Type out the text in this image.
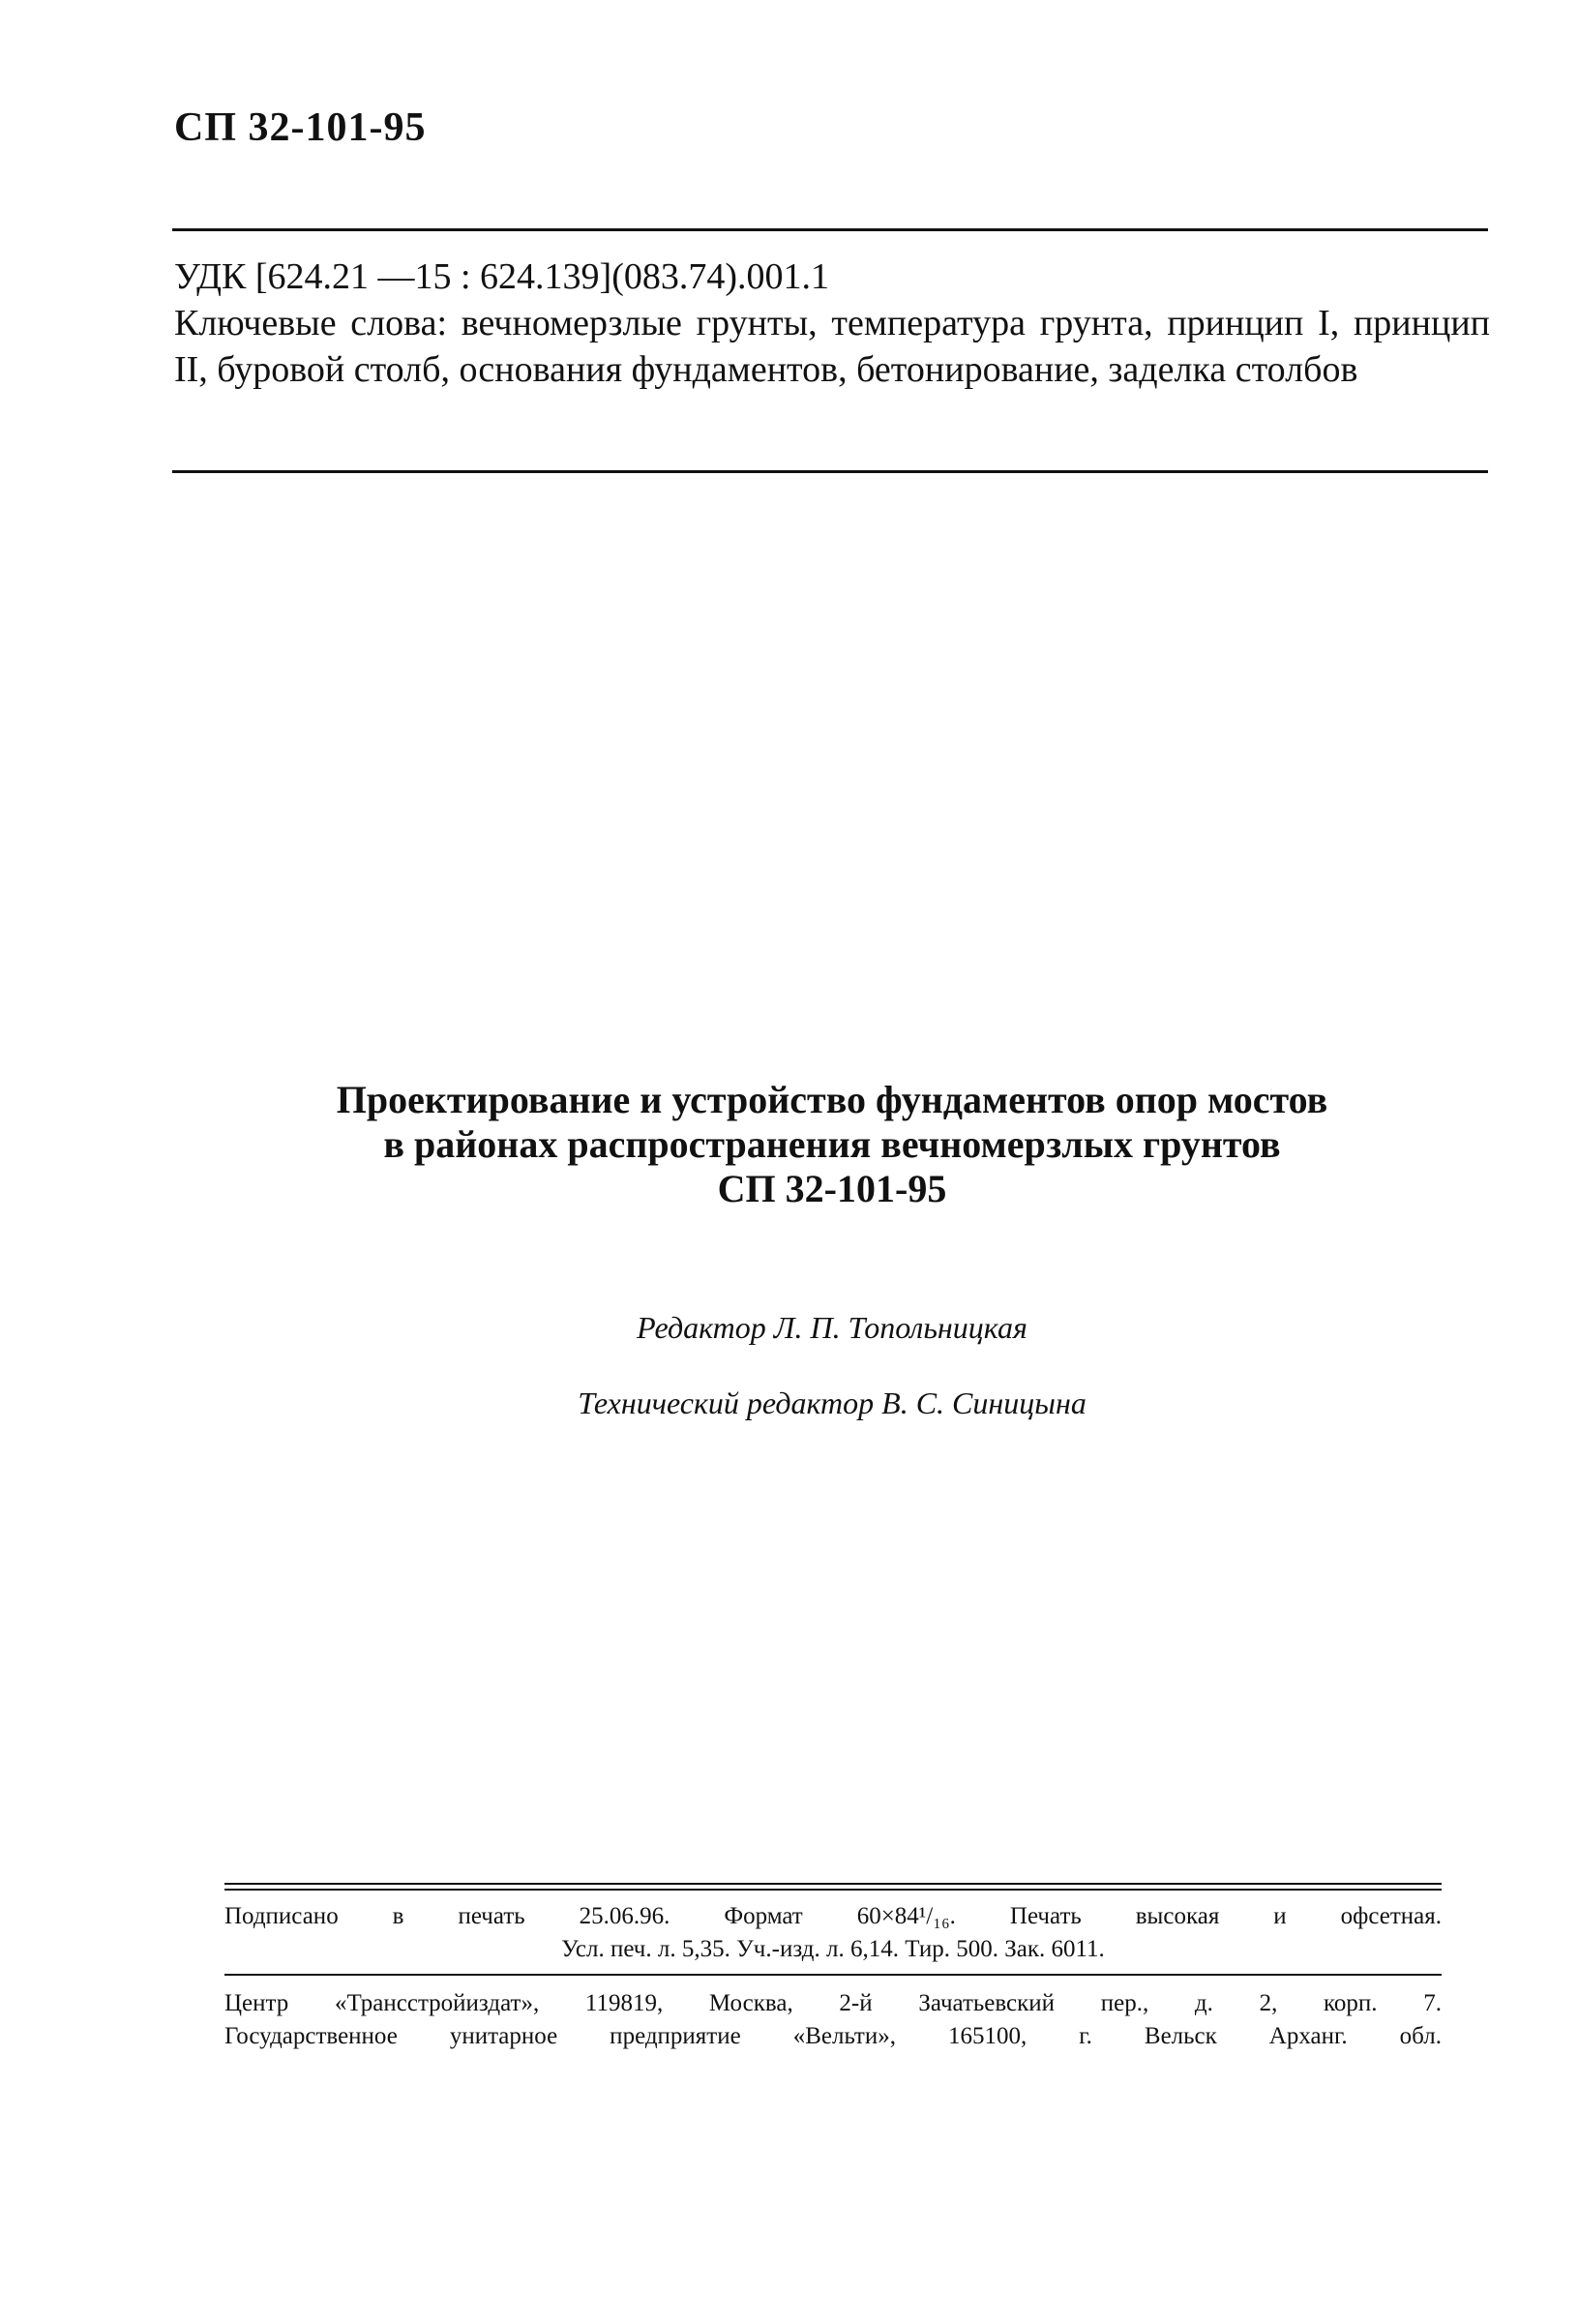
СП 32-101-95
УДК [624.21 —15 : 624.139](083.74).001.1
Ключевые слова: вечномерзлые грунты, температура грунта, принцип I, принцип II, буровой столб, основания фундаментов, бетонирование, заделка столбов
Проектирование и устройство фундаментов опор мостов
в районах распространения вечномерзлых грунтов
СП 32-101-95
Редактор Л. П. Топольницкая
Технический редактор В. С. Синицына
Подписано в печать 25.06.96. Формат 60×84¹/₁₆. Печать высокая и офсетная.
Усл. печ. л. 5,35. Уч.-изд. л. 6,14. Тир. 500. Зак. 6011.
Центр «Трансстройиздат», 119819, Москва, 2-й Зачатьевский пер., д. 2, корп. 7.
Государственное унитарное предприятие «Вельти», 165100, г. Вельск Арханг. обл.
